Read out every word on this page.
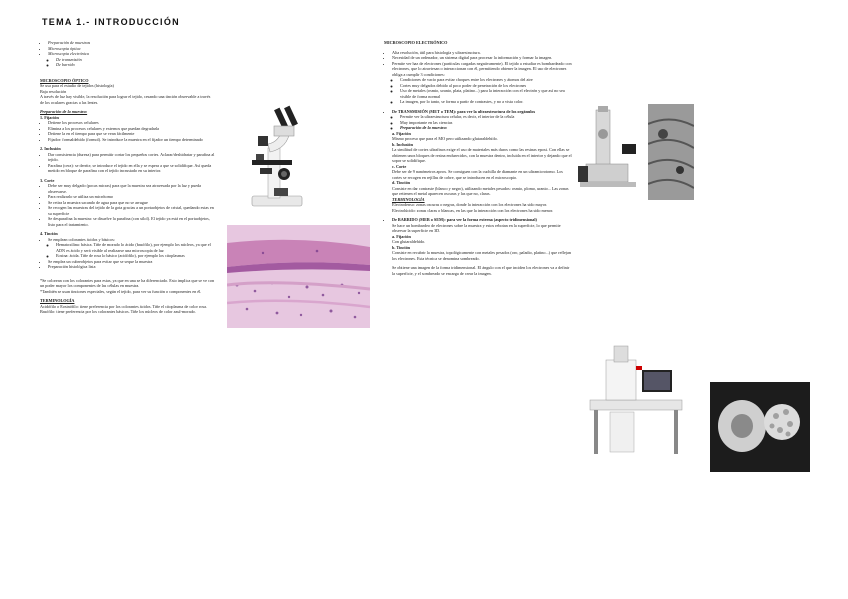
TEMA 1.- INTRODUCCIÓN
• Preparación de muestras
• Microscopia óptica
• Microscopia electrónica
◦ De transmisión
◦ De barrido
MICROSCOPIO ÓPTICO
Se usa para el estudio de tejidos (histología)
Baja resolución
A través de luz hay visible, la resolución para lograr el tejido, cesando una tinción observable a través de los oculares gracias a las lentes.
Preparación de la muestra:
1. Fijación
• Detiene los procesos celulares
• Elimina a los procesos celulares y externos que puedan degradarla
• Detiene la en el tiempo para que se vean fácilmente
• Fijador: formaldehído (formol). Se introduce la muestra en el fijador un tiempo determinado
2. Inclusión
• Dar consistencia (dureza) para permitir cortar los pequeños cortes. Aclarar/deshidratar y parafina al tejido.
• Parafina (cera): se derrite, se introduce el tejido en ella y se espera a que se solidifique. Así queda metido en bloque de parafina con el tejido incrustado en su interior.
3. Corte
• Debe ser muy delgado (pocas micras) para que la muestra sea atravesada por la luz y pueda observarse.
• Para realizarlo se utiliza un micrótomo
• Se retira la muestra sacando de agua para que no se arrugue
• Se recogen las muestras del tejido de la gota gracias a un portaobjetos de cristal, quedando estas en su superficie
• Se desparafina la muestra: se disuelve la parafina (con xilol). El tejido ya está en el portaobjetos, listo para el tratamiento.
4. Tinción
• Se emplean colorantes ácidos y básicos:
◦ Hematoxilina: básica. Tiñe de morado lo ácido (basófilo), por ejemplo los núcleos, ya que el ADN es ácido y será visible al realizarse una microscopía de luz
◦ Eosina: ácida. Tiñe de rosa lo básico (acidófilo), por ejemplo los citoplasmas
• Se emplea un cubreobjetos para evitar que se seque la muestra
• Preparación histológica lista
*Se colorean con los colorantes para estas, ya que en una se ha diferenciado. Esto implica que se ve con un poder mayor los componentes de las células en muestra.
*También se usan tinciones especiales, según el tejido, para ver su función o componentes en él.
TERMINOLOGÍA
Acidófilo o Eosinófilo: tiene preferencia por los colorantes ácidos. Tiñe el citoplasma de color rosa.
Basófilo: tiene preferencia por los colorantes básicos. Tiñe los núcleos de color azul-morado.
MICROSCOPIO ELECTRÓNICO
• Alta resolución, útil para histología y ultraestructura.
• Necesidad de un ordenador, un sistema digital para procesar la información y formar la imagen.
• Permite ver haz de electrones (partículas cargadas negativamente). El tejido a estudiar es bombardeado con electrones, que lo atraviesan o interaccionan con él, permitiendo obtener la imagen. El uso de electrones obliga a cumplir 3 condiciones:
◦ Condiciones de vacío para evitar choques entre los electrones y átomos del aire
◦ Cortes muy delgados debido al poco poder de penetración de los electrones
◦ Uso de metales (osmio, uranio, plata, platino...) para la interacción con el electrón y que así no sea visible de forma normal
◦ La imagen, por lo tanto, se forma a partir de contrastes, y no a vista color.
• De TRANSMISIÓN (MET o TEM): para ver la ultraestructura de los orgánulos
◦ Permite ver la ultraestructura celular, es decir, el interior de la célula
◦ Muy importante en las ciencias
◦ Preparación de la muestra:
a. Fijación
Mismo proceso que para el MO pero utilizando glutaraldehído.
b. Inclusión
La similitud de cortes ultrafinos exige el uso de materiales más duros como las resinas epoxi. Con ellas se obtienen unos bloques de resina endurecidos, con la muestra dentro, incluida en el interior y dejando que el sopor se solidifique.
c. Corte
Debe ser de 9 nanómetros aprox. Se consiguen con la cuchilla de diamante en un ultramicrotomo. Los cortes se recogen en rejillas de cobre, que se introducen en el microscopio.
d. Tinción
Consiste en dar contraste (blanco y negro), utilizando metales pesados: osmio, plomo, uranio... Las zonas que retienen el metal aparecen oscuras y las que no, claras.
TERMINOLOGÍA
Electrodenso: zonas oscuras o negras, donde la interacción con los electrones ha sido mayor.
Electrolúcido: zonas claras o blancas, en las que la interacción con los electrones ha sido menor.
• De BARRIDO (MEB o SEM): para ver la forma externa (aspecto tridimensional)
Se hace un bombardeo de electrones sobre la muestra y estos rebotan en la superficie, lo que permite observar la superficie en 3D.
a. Fijación
Con glutaraldehído.
b. Tinción
Consiste en recubrir la muestra, topológicamente con metales pesados (oro, paladio, platino...) que reflejan los electrones. Esta técnica se denomina sombreado.
Se obtiene una imagen de la forma tridimensional. El ángulo con el que inciden los electrones va a definir la superficie, y el sombreado se encarga de crear la imagen.
